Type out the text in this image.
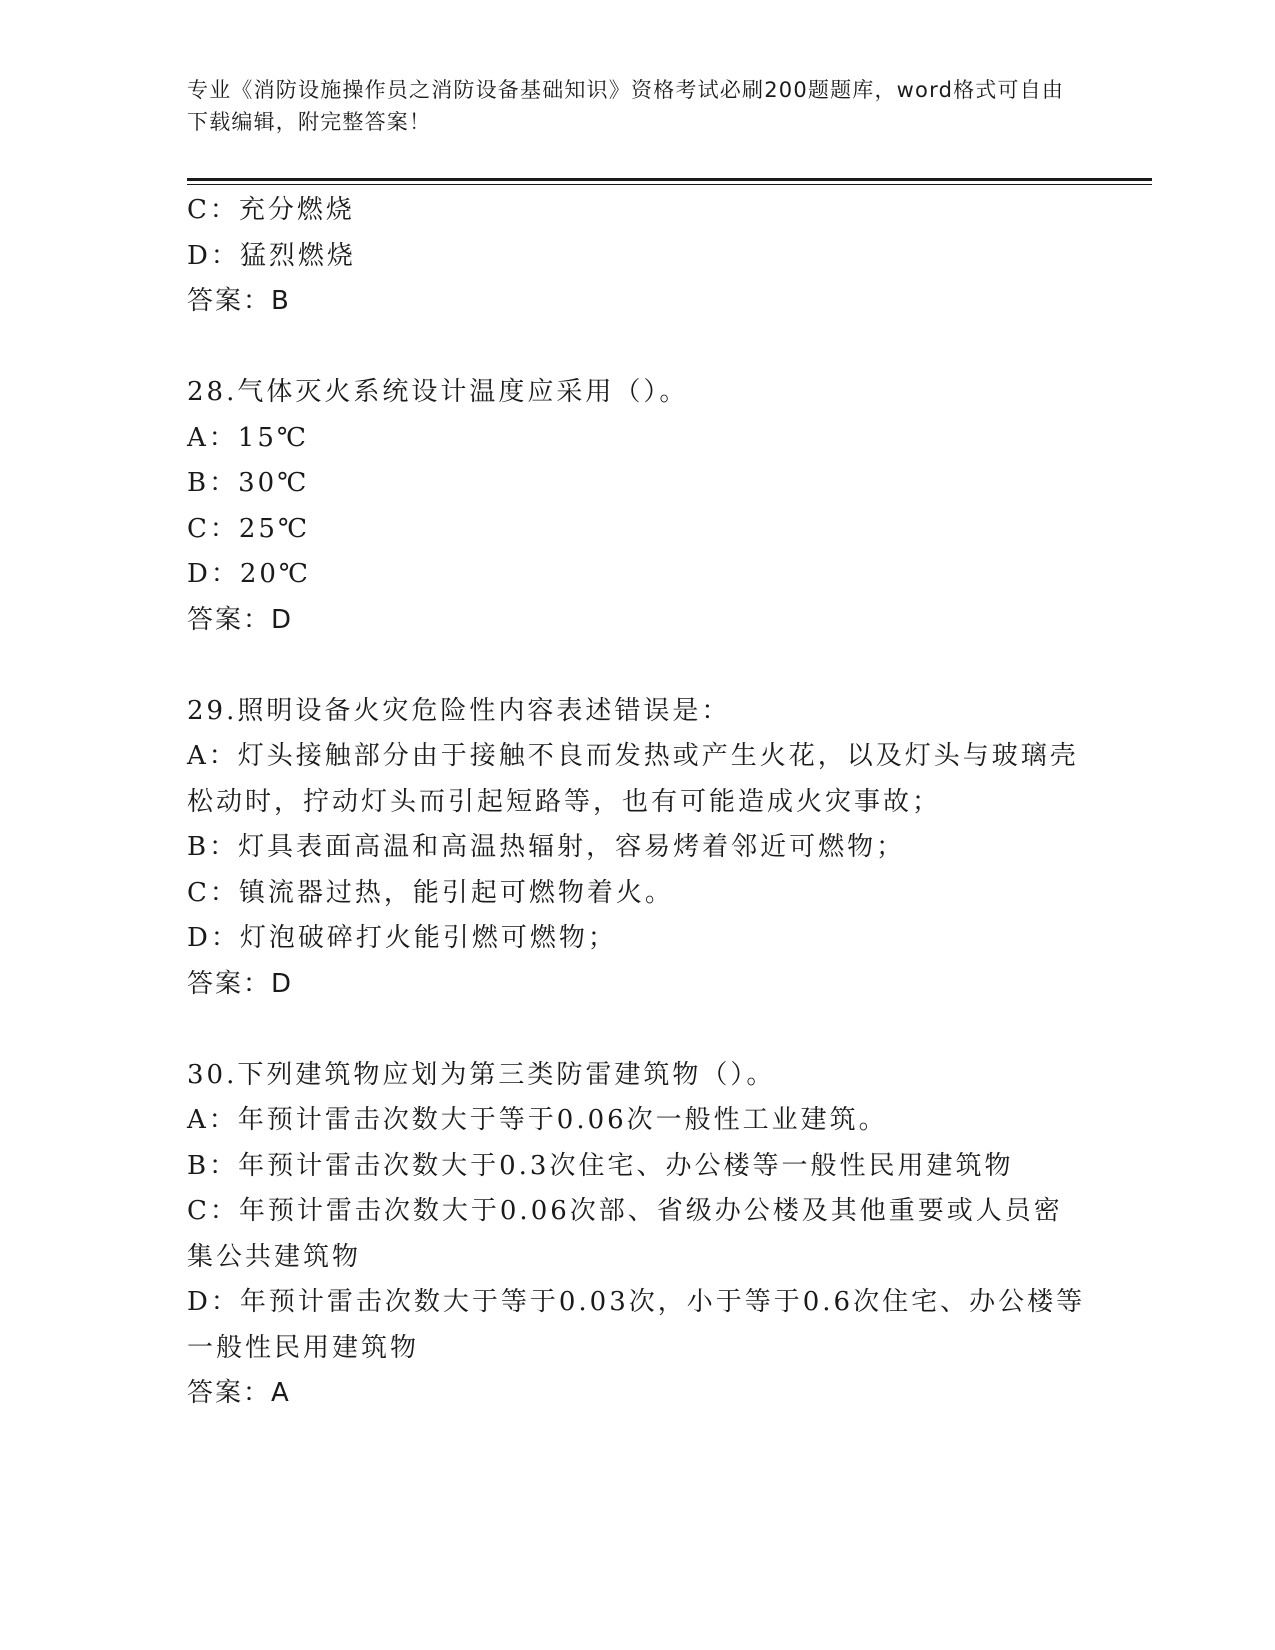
专业《消防设施操作员之消防设备基础知识》资格考试必刷200题题库，word格式可自由下载编辑，附完整答案！
C：充分燃烧
D：猛烈燃烧
答案：B
28.气体灭火系统设计温度应采用（）。
A：15℃
B：30℃
C：25℃
D：20℃
答案：D
29.照明设备火灾危险性内容表述错误是：
A：灯头接触部分由于接触不良而发热或产生火花，以及灯头与玻璃壳松动时，拧动灯头而引起短路等，也有可能造成火灾事故；
B：灯具表面高温和高温热辐射，容易烤着邻近可燃物；
C：镇流器过热，能引起可燃物着火。
D：灯泡破碎打火能引燃可燃物；
答案：D
30.下列建筑物应划为第三类防雷建筑物（）。
A：年预计雷击次数大于等于0.06次一般性工业建筑。
B：年预计雷击次数大于0.3次住宅、办公楼等一般性民用建筑物
C：年预计雷击次数大于0.06次部、省级办公楼及其他重要或人员密集公共建筑物
D：年预计雷击次数大于等于0.03次，小于等于0.6次住宅、办公楼等一般性民用建筑物
答案：A
